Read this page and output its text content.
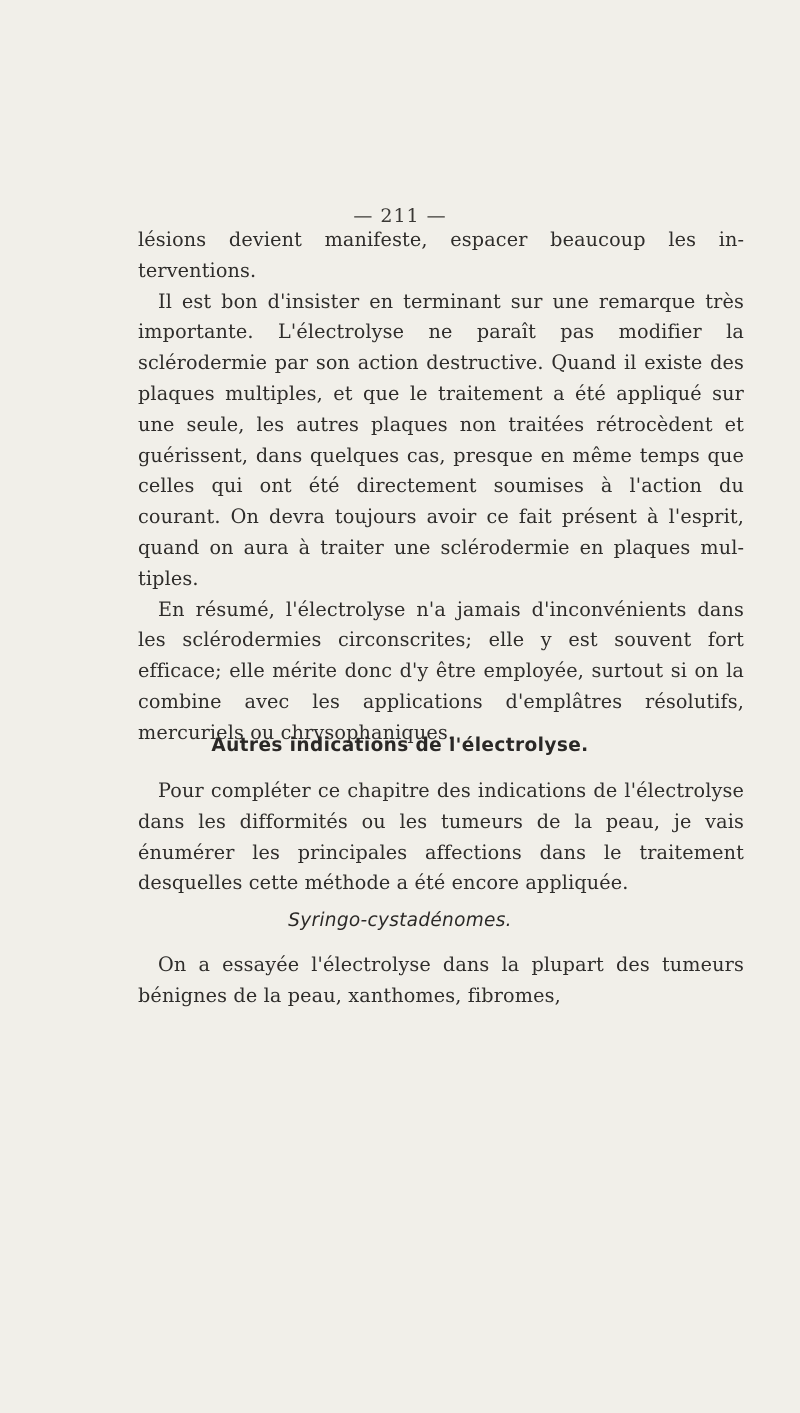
— 211 —

lésions devient manifeste, espacer beaucoup les interventions.

Il est bon d'insister en terminant sur une remarque très importante. L'électrolyse ne paraît pas modifier la sclérodermie par son action destructive. Quand il existe des plaques multiples, et que le traitement a été appliqué sur une seule, les autres plaques non traitées rétrocèdent et guérissent, dans quelques cas, presque en même temps que celles qui ont été directement soumises à l'action du courant. On devra toujours avoir ce fait présent à l'esprit, quand on aura à traiter une sclérodermie en plaques multiples.

En résumé, l'électrolyse n'a jamais d'inconvénients dans les sclérodermies circonscrites; elle y est souvent fort efficace; elle mérite donc d'y être employée, surtout si on la combine avec les applications d'emplâtres résolutifs, mercuriels ou chrysophaniques.

Autres indications de l'électrolyse.

Pour compléter ce chapitre des indications de l'électrolyse dans les difformités ou les tumeurs de la peau, je vais énumérer les principales affections dans le traitement desquelles cette méthode a été encore appliquée.

Syringo-cystadénomes.

On a essayée l'électrolyse dans la plupart des tumeurs bénignes de la peau, xanthomes, fibromes,
